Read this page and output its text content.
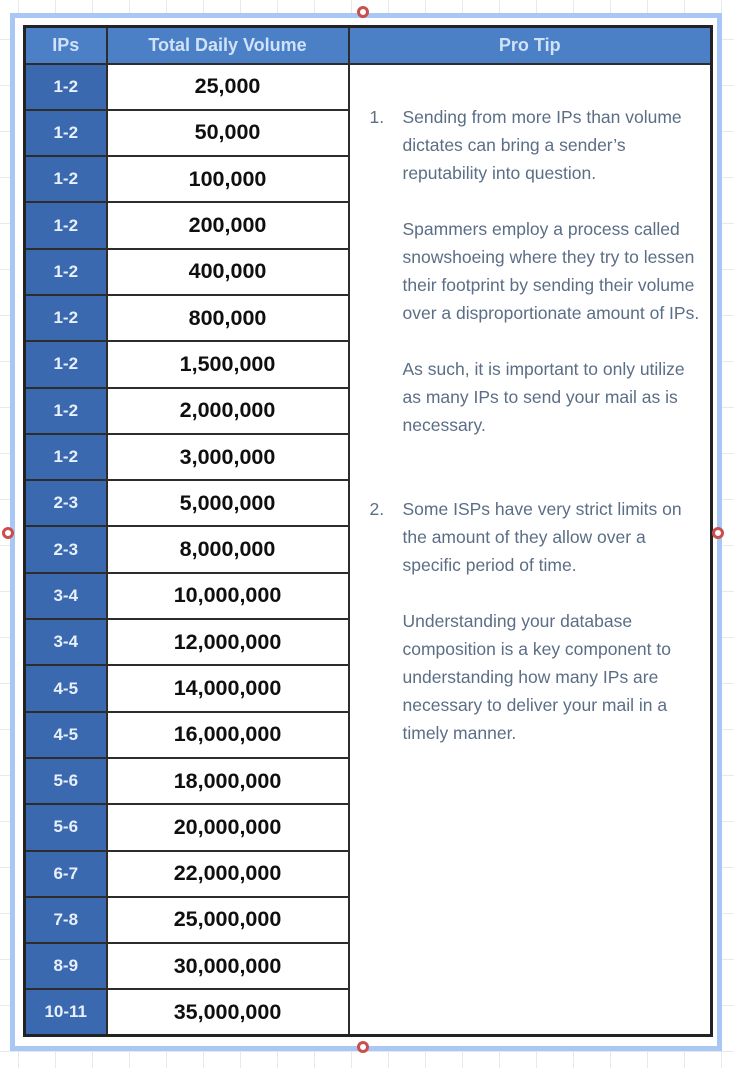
IPs	Total Daily Volume	Pro Tip
1-2	25,000	
1.	Sending from more IPs than volume dictates can bring a sender’s reputability into question.

Spammers employ a process called snowshoeing where they try to lessen their footprint by sending their volume over a disproportionate amount of IPs.

As such, it is important to only utilize as many IPs to send your mail as is necessary.

2.	Some ISPs have very strict limits on the amount of they allow over a specific period of time.

Understanding your database composition is a key component to understanding how many IPs are necessary to deliver your mail in a timely manner.

1-2	50,000	
1-2	100,000	
1-2	200,000	
1-2	400,000	
1-2	800,000	
1-2	1,500,000	
1-2	2,000,000	
1-2	3,000,000	
2-3	5,000,000	
2-3	8,000,000	
3-4	10,000,000	
3-4	12,000,000	
4-5	14,000,000	
4-5	16,000,000	
5-6	18,000,000	
5-6	20,000,000	
6-7	22,000,000	
7-8	25,000,000	
8-9	30,000,000	
10-11	35,000,000	
